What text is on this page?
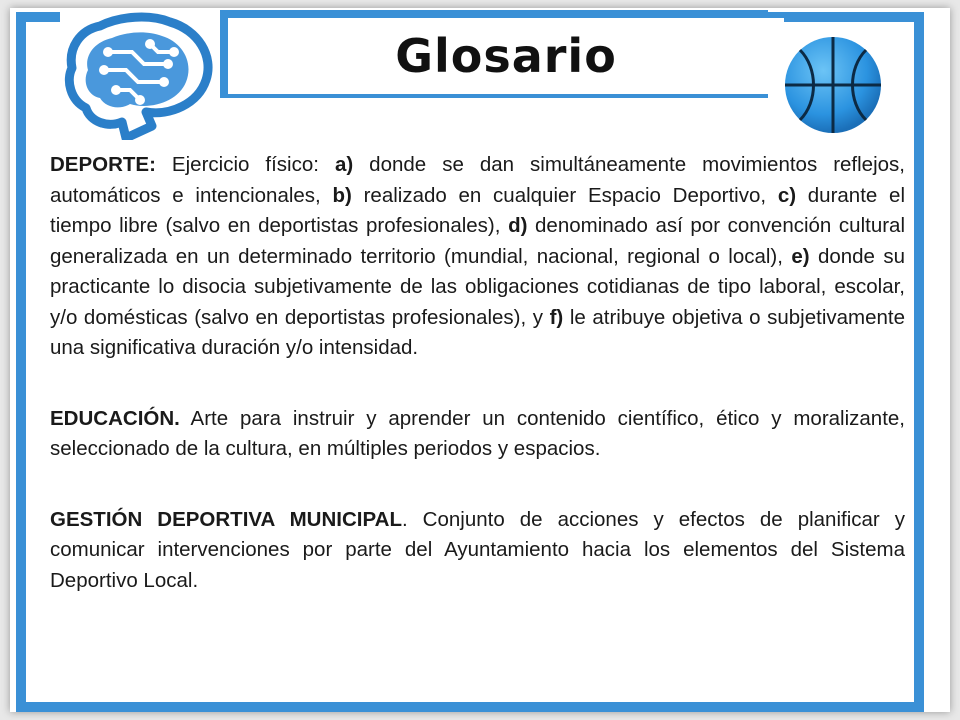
Glosario

DEPORTE: Ejercicio físico: a) donde se dan simultáneamente movimientos reflejos, automáticos e intencionales, b) realizado en cualquier Espacio Deportivo, c) durante el tiempo libre (salvo en deportistas profesionales), d) denominado así por convención cultural generalizada en un determinado territorio (mundial, nacional, regional o local), e) donde su practicante lo disocia subjetivamente de las obligaciones cotidianas de tipo laboral, escolar, y/o domésticas (salvo en deportistas profesionales), y f) le atribuye objetiva o subjetivamente una significativa duración y/o intensidad.

EDUCACIÓN. Arte para instruir y aprender un contenido científico, ético y moralizante, seleccionado de la cultura, en múltiples periodos y espacios.

GESTIÓN DEPORTIVA MUNICIPAL. Conjunto de acciones y efectos de planificar y comunicar intervenciones por parte del Ayuntamiento hacia los elementos del Sistema Deportivo Local.
